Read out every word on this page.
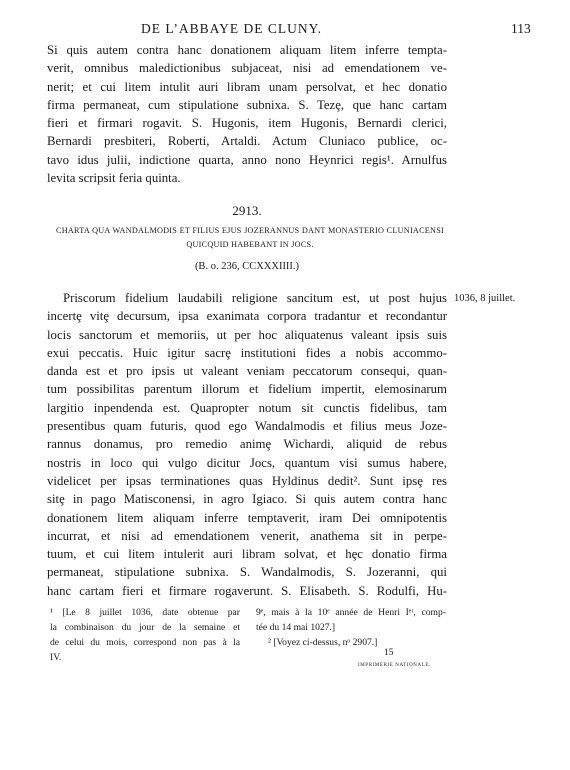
DE L’ABBAYE DE CLUNY.	113
Si quis autem contra hanc donationem aliquam litem inferre tempta-
verit, omnibus maledictionibus subjaceat, nisi ad emendationem ve-
nerit; et cui litem intulit auri libram unam persolvat, et hec donatio
firma permaneat, cum stipulatione subnixa. S. Tezȩ, que hanc cartam
fieri et firmari rogavit. S. Hugonis, item Hugonis, Bernardi clerici,
Bernardi presbiteri, Roberti, Artaldi. Actum Cluniaco publice, oc-
tavo idus julii, indictione quarta, anno nono Heynrici regis¹. Arnulfus
levita scripsit feria quinta.
2913.
CHARTA QUA WANDALMODIS ET FILIUS EJUS JOZERANNUS DANT MONASTERIO CLUNIACENSI
QUICQUID HABEBANT IN JOCS.
(B. o. 236, CCXXXIIII.)
Priscorum fidelium laudabili religione sancitum est, ut post hujus
incertȩ vitȩ decursum, ipsa exanimata corpora tradantur et recondantur
locis sanctorum et memoriis, ut per hoc aliquatenus valeant ipsis suis
exui peccatis. Huic igitur sacrȩ institutioni fides a nobis accommo-
danda est et pro ipsis ut valeant veniam peccatorum consequi, quan-
tum possibilitas parentum illorum et fidelium impertit, elemosinarum
largitio inpendenda est. Quapropter notum sit cunctis fidelibus, tam
presentibus quam futuris, quod ego Wandalmodis et filius meus Joze-
rannus donamus, pro remedio animȩ Wichardi, aliquid de rebus
nostris in loco qui vulgo dicitur Jocs, quantum visi sumus habere,
videlicet per ipsas terminationes quas Hyldinus dedit². Sunt ipsȩ res
sitȩ in pago Matisconensi, in agro Igiaco. Si quis autem contra hanc
donationem litem aliquam inferre temptaverit, iram Dei omnipotentis
incurrat, et nisi ad emendationem venerit, anathema sit in perpe-
tuum, et cui litem intulerit auri libram solvat, et hȩc donatio firma
permaneat, stipulatione subnixa. S. Wandalmodis, S. Jozeranni, qui
hanc cartam fieri et firmare rogaverunt. S. Elisabeth. S. Rodulfi, Hu-
1036, 8 juillet.
¹ [Le 8 juillet 1036, date obtenue par
la combinaison du jour de la semaine et
de celui du mois, correspond non pas à la
IV.
9ᵉ, mais à la 10ᵉ année de Henri Iᵉʳ, comp-
tée du 14 mai 1027.]
² [Voyez ci-dessus, nᵒ 2907.]
15
IMPRIMERIE NATIONALE.
